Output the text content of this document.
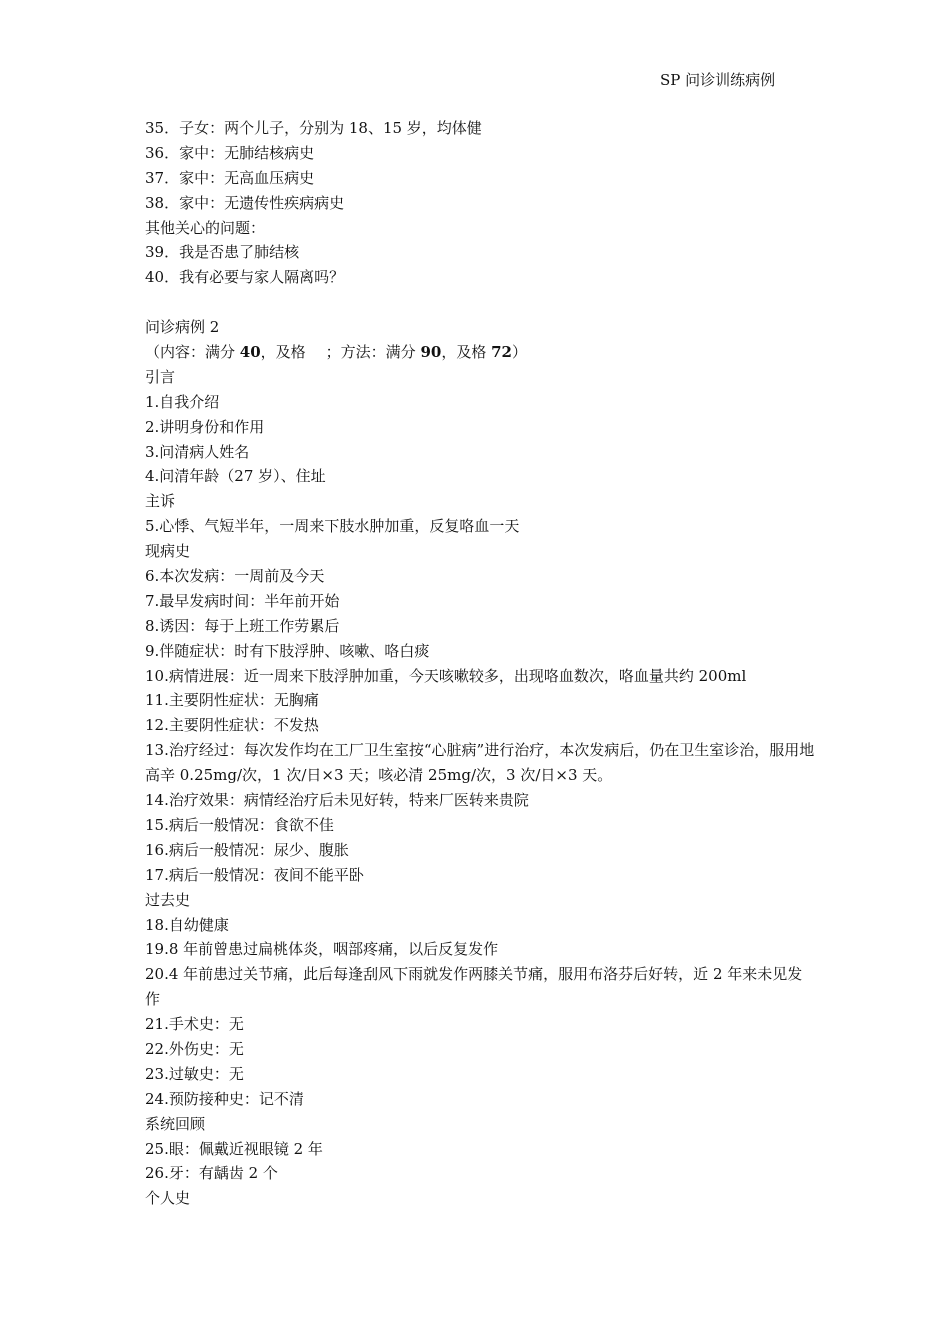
SP 问诊训练病例
35．子女：两个儿子，分别为 18、15 岁，均体健
36．家中：无肺结核病史
37．家中：无高血压病史
38．家中：无遗传性疾病病史
其他关心的问题：
39．我是否患了肺结核
40．我有必要与家人隔离吗？
问诊病例 2
（内容：满分 40，及格 ；方法：满分 90，及格 72）
引言
1.自我介绍
2.讲明身份和作用
3.问清病人姓名
4.问清年龄（27 岁）、住址
主诉
5.心悸、气短半年，一周来下肢水肿加重，反复咯血一天
现病史
6.本次发病：一周前及今天
7.最早发病时间：半年前开始
8.诱因：每于上班工作劳累后
9.伴随症状：时有下肢浮肿、咳嗽、咯白痰
10.病情进展：近一周来下肢浮肿加重，今天咳嗽较多，出现咯血数次，咯血量共约 200ml
11.主要阴性症状：无胸痛
12.主要阴性症状：不发热
13.治疗经过：每次发作均在工厂卫生室按“心脏病”进行治疗，本次发病后，仍在卫生室诊治，服用地高辛 0.25mg/次，1 次/日×3 天；咳必清 25mg/次，3 次/日×3 天。
14.治疗效果：病情经治疗后未见好转，特来厂医转来贵院
15.病后一般情况：食欲不佳
16.病后一般情况：尿少、腹胀
17.病后一般情况：夜间不能平卧
过去史
18.自幼健康
19.8 年前曾患过扁桃体炎，咽部疼痛，以后反复发作
20.4 年前患过关节痛，此后每逢刮风下雨就发作两膝关节痛，服用布洛芬后好转，近 2 年来未见发作
21.手术史：无
22.外伤史：无
23.过敏史：无
24.预防接种史：记不清
系统回顾
25.眼：佩戴近视眼镜 2 年
26.牙：有龋齿 2 个
个人史
